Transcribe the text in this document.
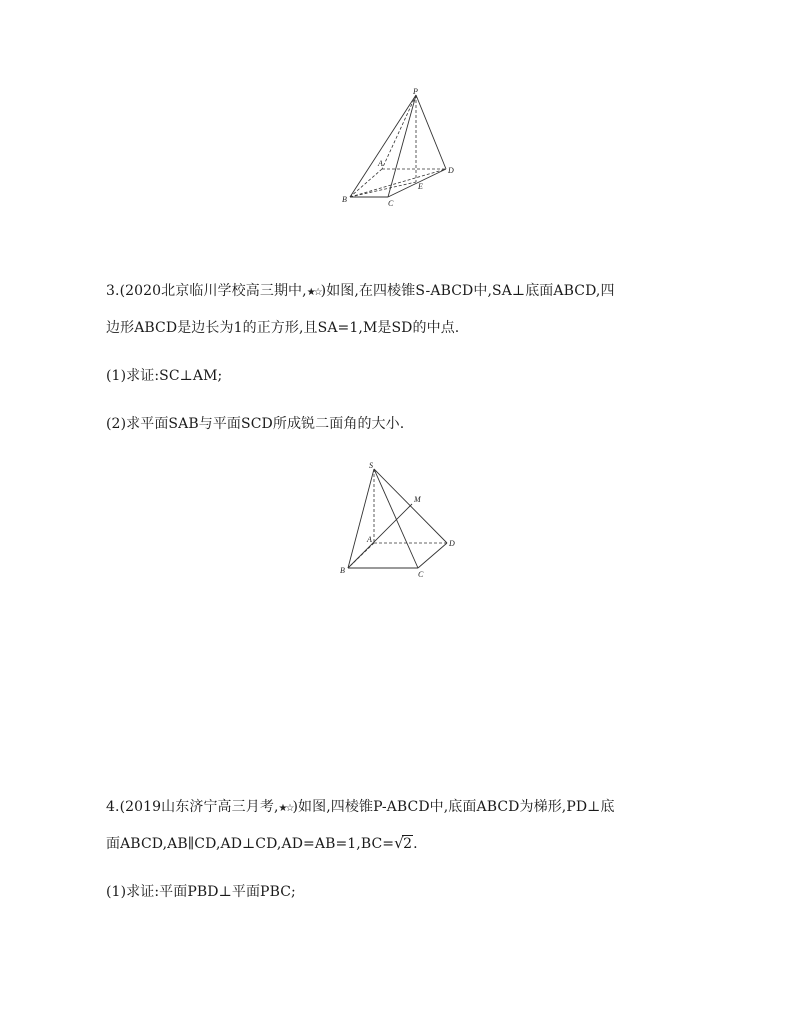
P
A
D
E
B	C
3.(2020北京临川学校高三期中,★☆)如图,在四棱锥S-ABCD中,SA⊥底面ABCD,四
边形ABCD是边长为1的正方形,且SA=1,M是SD的中点.
(1)求证:SC⊥AM;
(2)求平面SAB与平面SCD所成锐二面角的大小.
S
M
A	D
B	C
4.(2019山东济宁高三月考,★☆)如图,四棱锥P-ABCD中,底面ABCD为梯形,PD⊥底
面ABCD,AB∥CD,AD⊥CD,AD=AB=1,BC= √ 2.
(1)求证:平面PBD⊥平面PBC;
